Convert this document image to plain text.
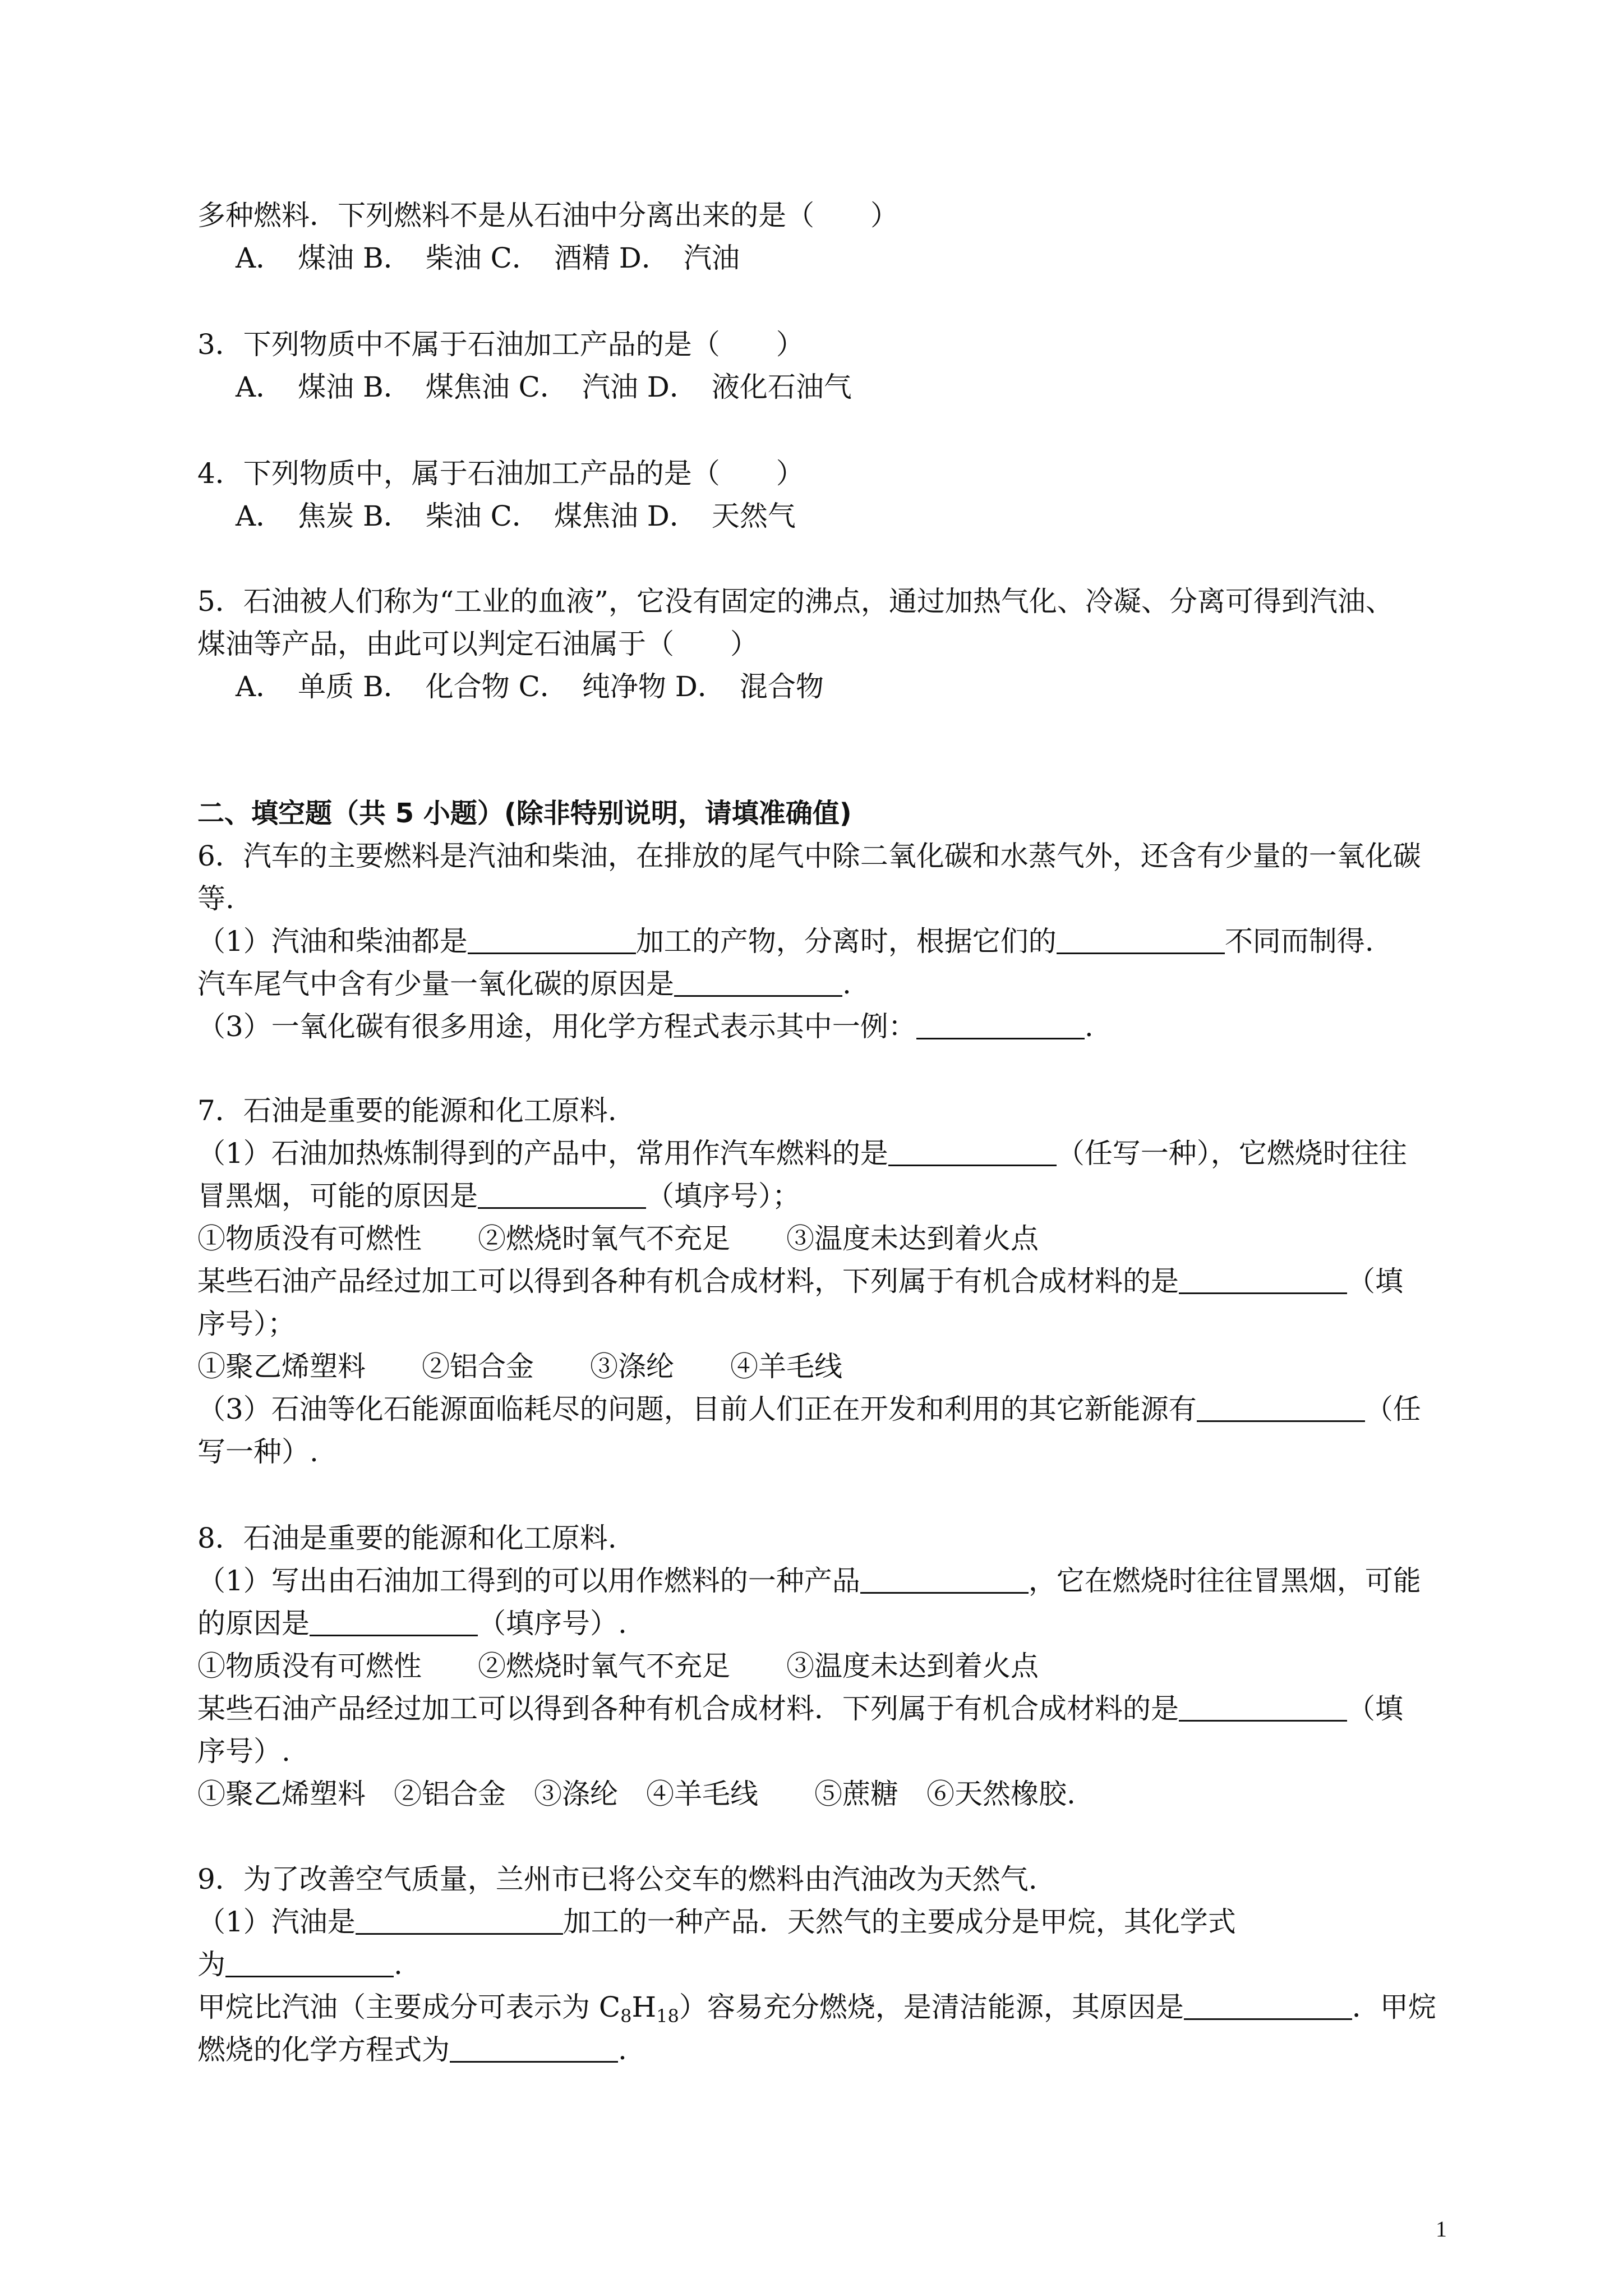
多种燃料．下列燃料不是从石油中分离出来的是（　　）
A．　煤油 B．　柴油 C．　酒精 D．　汽油
3．下列物质中不属于石油加工产品的是（　　）
A．　煤油 B．　煤焦油 C．　汽油 D．　液化石油气
4．下列物质中，属于石油加工产品的是（　　）
A．　焦炭 B．　柴油 C．　煤焦油 D．　天然气
5．石油被人们称为“工业的血液”，它没有固定的沸点，通过加热气化、冷凝、分离可得到汽油、
煤油等产品，由此可以判定石油属于（　　）
A．　单质 B．　化合物 C．　纯净物 D．　混合物
二、填空题（共 5 小题）(除非特别说明，请填准确值)
6．汽车的主要燃料是汽油和柴油，在排放的尾气中除二氧化碳和水蒸气外，还含有少量的一氧化碳
等.
（1）汽油和柴油都是	加工的产物，分离时，根据它们的	不同而制得.
汽车尾气中含有少量一氧化碳的原因是	.
（3）一氧化碳有很多用途，用化学方程式表示其中一例：	.
7．石油是重要的能源和化工原料.
（1）石油加热炼制得到的产品中，常用作汽车燃料的是	（任写一种），它燃烧时往往
冒黑烟，可能的原因是	（填序号）；
①物质没有可燃性　　②燃烧时氧气不充足　　③温度未达到着火点
某些石油产品经过加工可以得到各种有机合成材料，下列属于有机合成材料的是	（填
序号）；
①聚乙烯塑料　　②铝合金　　③涤纶　　④羊毛线
（3）石油等化石能源面临耗尽的问题，目前人们正在开发和利用的其它新能源有	（任
写一种）.
8．石油是重要的能源和化工原料.
（1）写出由石油加工得到的可以用作燃料的一种产品	，它在燃烧时往往冒黑烟，可能
的原因是	（填序号）.
①物质没有可燃性　　②燃烧时氧气不充足　　③温度未达到着火点
某些石油产品经过加工可以得到各种有机合成材料．下列属于有机合成材料的是	（填
序号）.
①聚乙烯塑料　②铝合金　③涤纶　④羊毛线　　⑤蔗糖　⑥天然橡胶.
9．为了改善空气质量，兰州市已将公交车的燃料由汽油改为天然气.
（1）汽油是	加工的一种产品．天然气的主要成分是甲烷，其化学式
为	.
甲烷比汽油（主要成分可表示为 $C_8H_{18}$）容易充分燃烧，是清洁能源，其原因是	．甲烷
燃烧的化学方程式为	.
1
